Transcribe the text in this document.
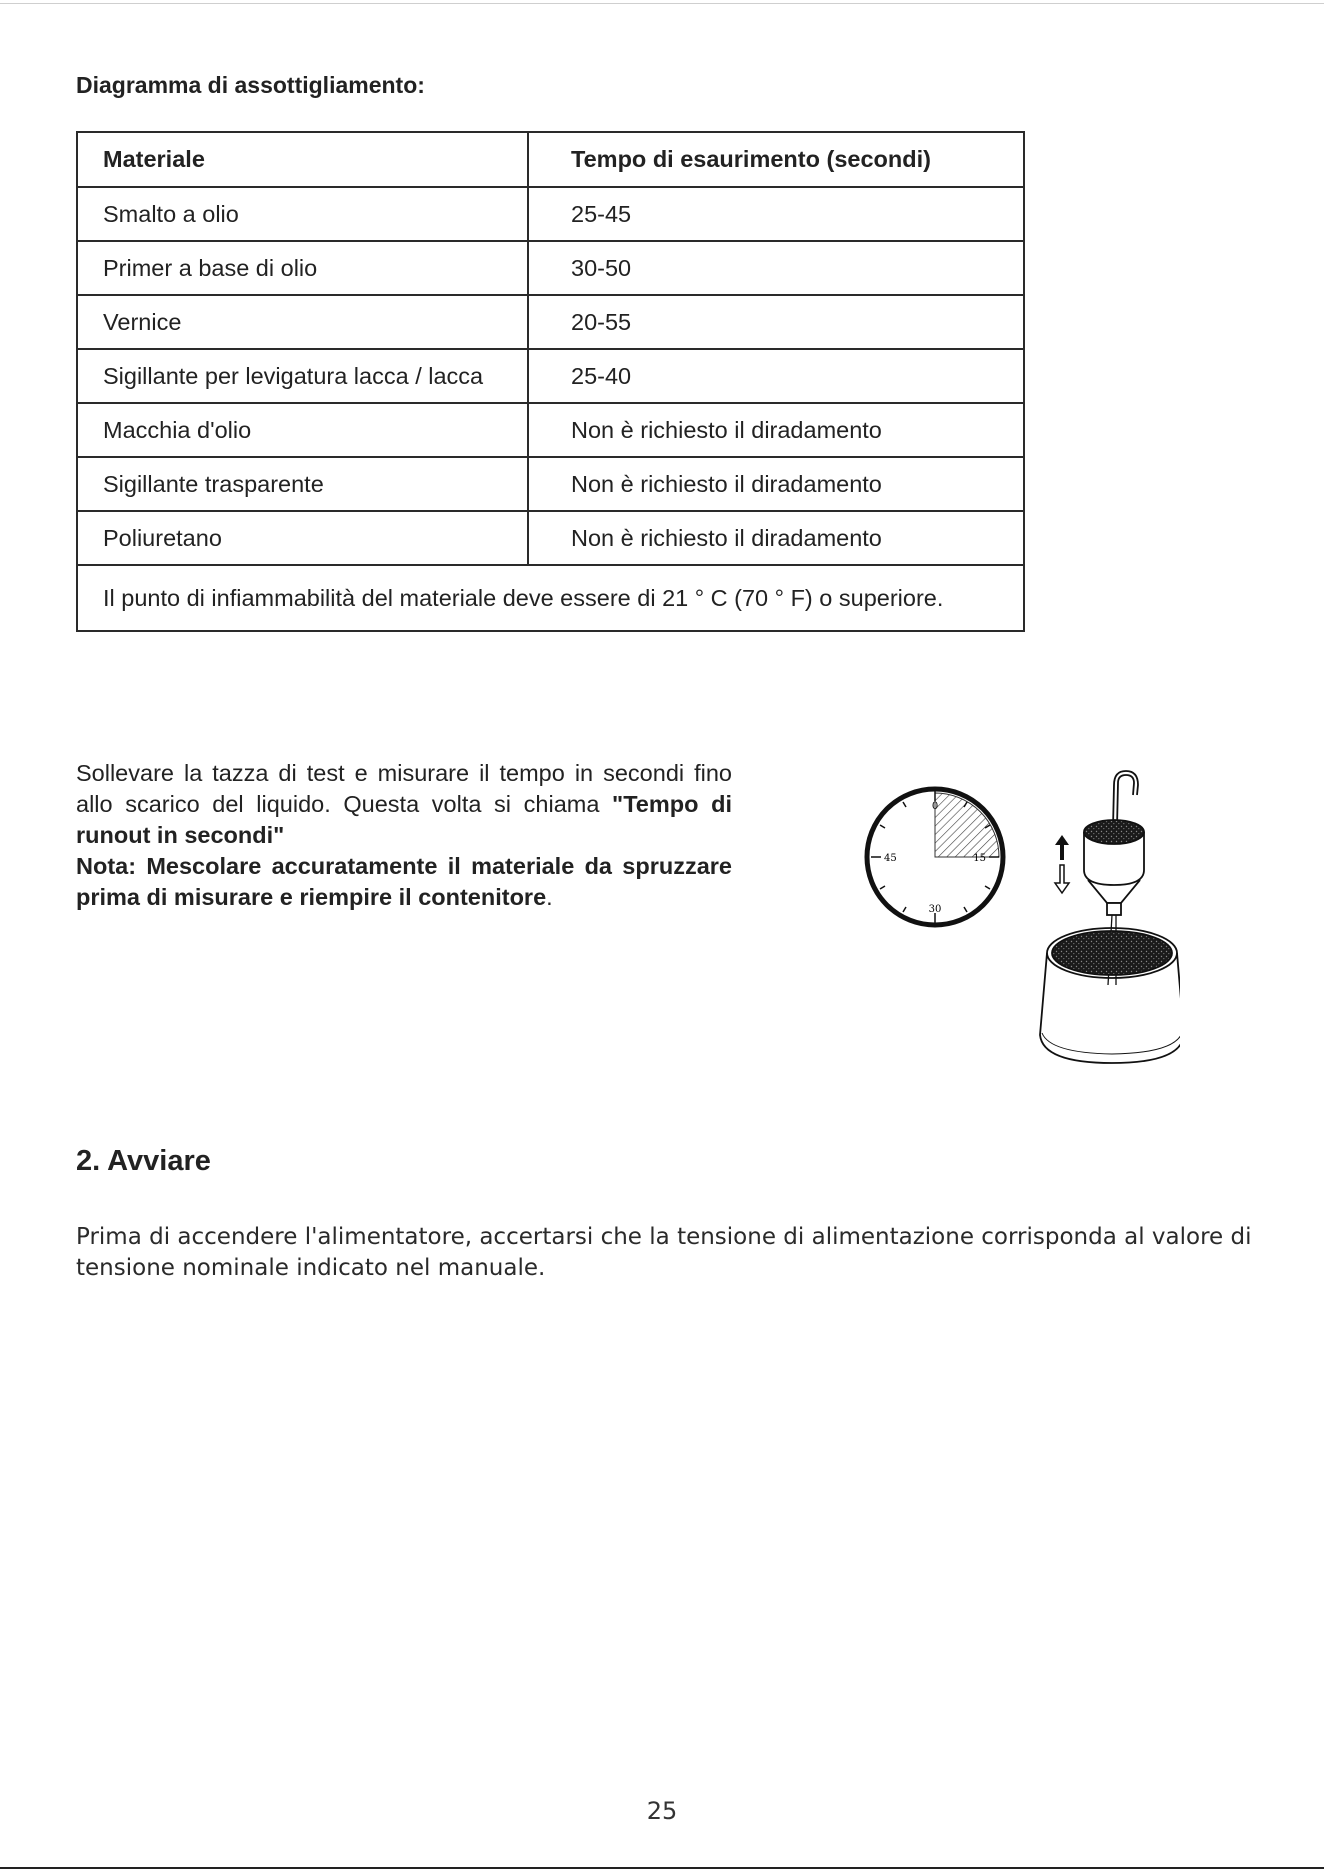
Diagramma di assottigliamento:
Materiale	Tempo di esaurimento (secondi)
Smalto a olio	25-45
Primer a base di olio	30-50
Vernice	20-55
Sigillante per levigatura lacca / lacca	25-40
Macchia d'olio	Non è richiesto il diradamento
Sigillante trasparente	Non è richiesto il diradamento
Poliuretano	Non è richiesto il diradamento
Il punto di infiammabilità del materiale deve essere di 21 ° C (70 ° F) o superiore.	

Sollevare la tazza di test e misurare il tempo in secondi fino allo scarico del liquido. Questa volta si chiama "Tempo di runout in secondi"
Nota: Mescolare accuratamente il materiale da spruzzare prima di misurare e riempire il contenitore.

0
15
30
45
2. Avviare

Prima di accendere l'alimentatore, accertarsi che la tensione di alimentazione corrisponda al valore di tensione nominale indicato nel manuale.

25
